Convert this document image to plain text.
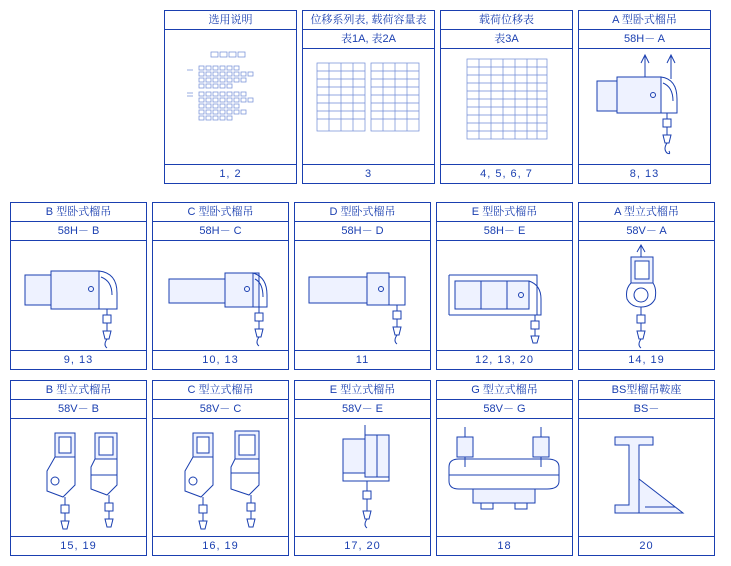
选用说明
1, 2
位移系列表, 载荷容量表
表1A, 表2A
3
载荷位移表
表3A
4, 5, 6, 7
A 型卧式榴吊
58H－ A
8, 13
B 型卧式榴吊
58H－ B
9, 13
C 型卧式榴吊
58H－ C
10, 13
D 型卧式榴吊
58H－ D
11
E 型卧式榴吊
58H－ E
12, 13, 20
A 型立式榴吊
58V－ A
14, 19
B 型立式榴吊
58V－ B
15, 19
C 型立式榴吊
58V－ C
16, 19
E 型立式榴吊
58V－ E
17, 20
G 型立式榴吊
58V－ G
18
BS型榴吊鞍座
BS－
20
